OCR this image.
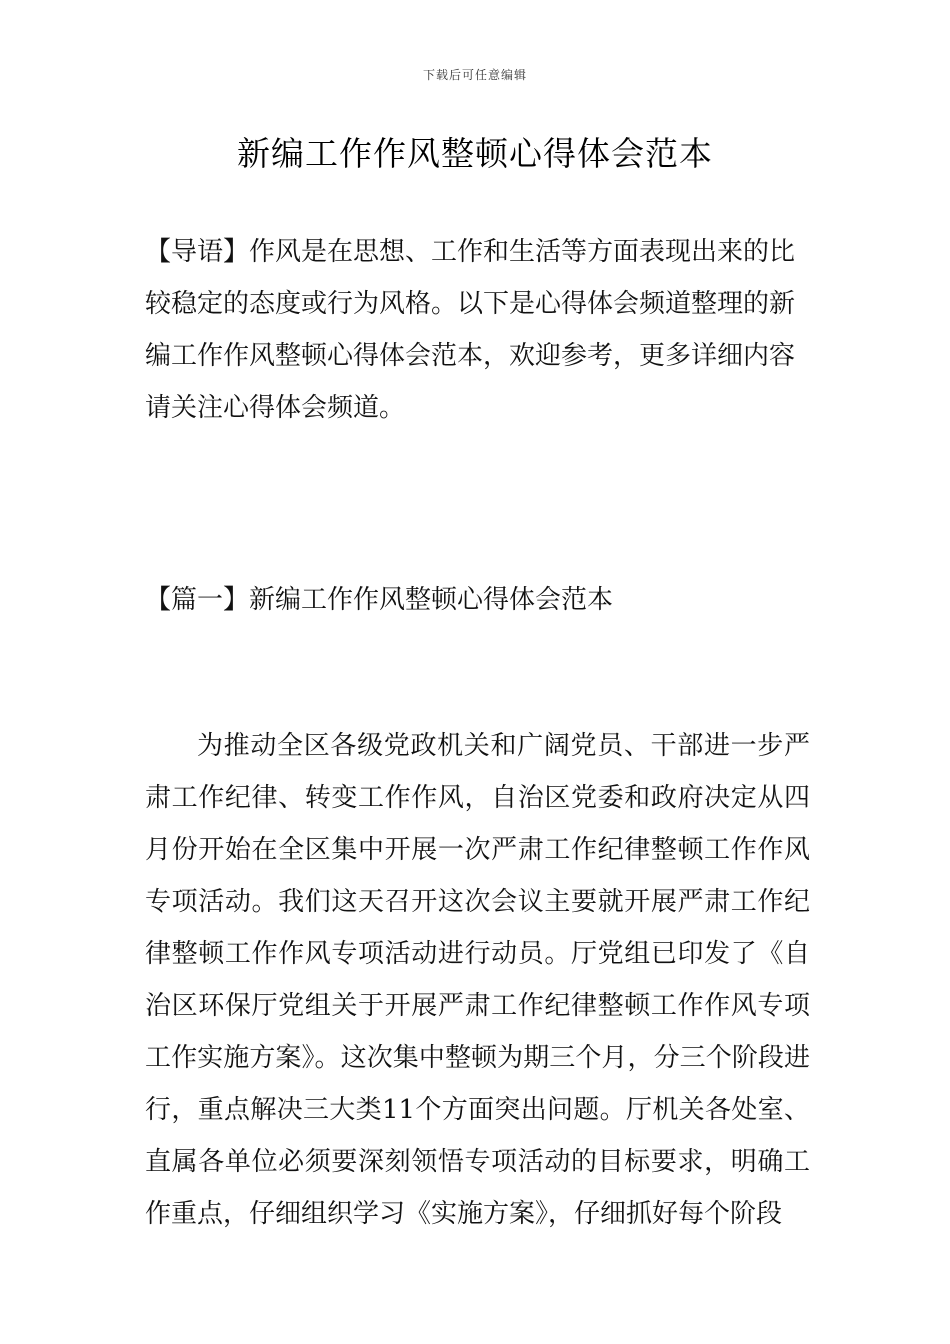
下载后可任意编辑
新编工作作风整顿心得体会范本

【导语】作风是在思想、工作和生活等方面表现出来的比较稳定的态度或行为风格。以下是心得体会频道整理的新编工作作风整顿心得体会范本，欢迎参考，更多详细内容请关注心得体会频道。

【篇一】新编工作作风整顿心得体会范本

为推动全区各级党政机关和广阔党员、干部进一步严肃工作纪律、转变工作作风，自治区党委和政府决定从四月份开始在全区集中开展一次严肃工作纪律整顿工作作风专项活动。我们这天召开这次会议主要就开展严肃工作纪律整顿工作作风专项活动进行动员。厅党组已印发了《自治区环保厅党组关于开展严肃工作纪律整顿工作作风专项工作实施方案》。这次集中整顿为期三个月，分三个阶段进行，重点解决三大类11个方面突出问题。厅机关各处室、直属各单位必须要深刻领悟专项活动的目标要求，明确工作重点，仔细组织学习《实施方案》，仔细抓好每个阶段
